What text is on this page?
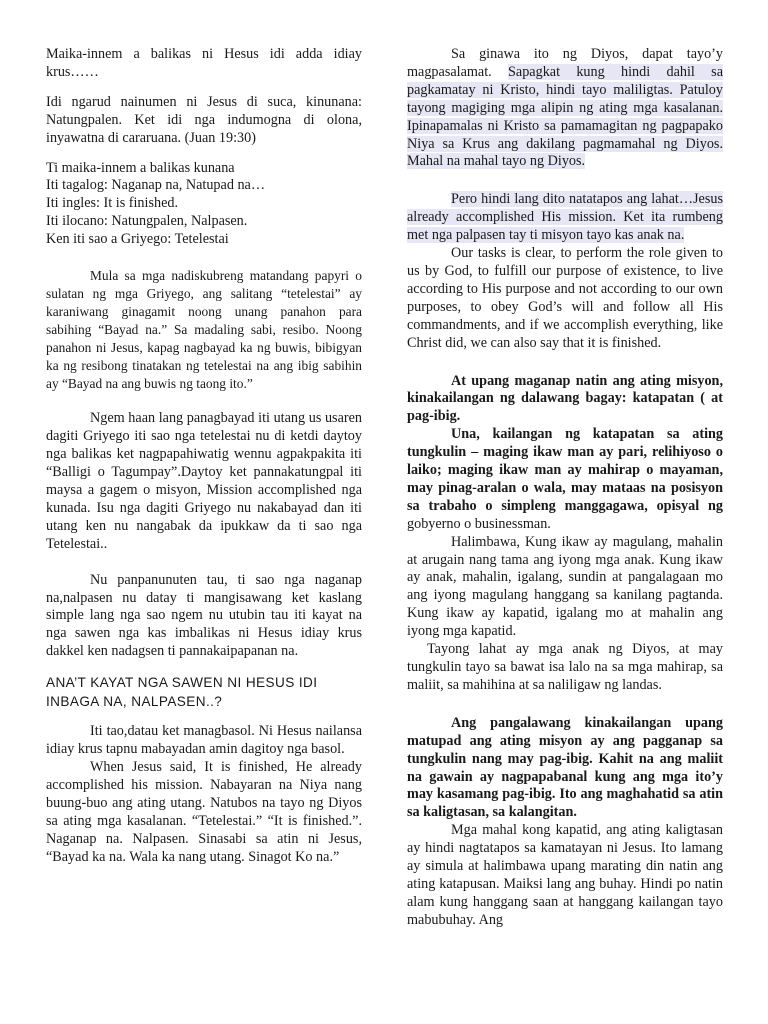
Maika-innem a balikas ni Hesus idi adda idiay krus……

Idi ngarud nainumen ni Jesus di suca, kinunana: Natungpalen. Ket idi nga indumogna di olona, inyawatna di cararuana. (Juan 19:30)

Ti maika-innem a balikas kunana

Iti tagalog: Naganap na, Natupad na…

Iti ingles: It is finished.

Iti ilocano: Natungpalen, Nalpasen.

Ken iti sao a Griyego: Tetelestai

Mula sa mga nadiskubreng matandang papyri o sulatan ng mga Griyego, ang salitang “tetelestai” ay karaniwang ginagamit noong unang panahon para sabihing “Bayad na.” Sa madaling sabi, resibo. Noong panahon ni Jesus, kapag nagbayad ka ng buwis, bibigyan ka ng resibong tinatakan ng tetelestai na ang ibig sabihin ay “Bayad na ang buwis ng taong ito.”

Ngem haan lang panagbayad iti utang us usaren dagiti Griyego iti sao nga tetelestai nu di ketdi daytoy nga balikas ket nagpapahiwatig wennu agpakpakita iti “Balligi o Tagumpay”.Daytoy ket pannakatungpal iti maysa a gagem o misyon, Mission accomplished nga kunada. Isu nga dagiti Griyego nu nakabayad dan iti utang ken nu nangabak da ipukkaw da ti sao nga Tetelestai..

Nu panpanunuten tau, ti sao nga naganap na,nalpasen nu datay ti mangisawang ket kaslang simple lang nga sao ngem nu utubin tau iti kayat na nga sawen nga kas imbalikas ni Hesus idiay krus dakkel ken nadagsen ti pannakaipapanan na.

ANA’T KAYAT NGA SAWEN NI HESUS IDI INBAGA NA, NALPASEN..?

Iti tao,datau ket managbasol. Ni Hesus nailansa idiay krus tapnu mabayadan amin dagitoy nga basol.

When Jesus said, It is finished, He already accomplished his mission. Nabayaran na Niya nang buung-buo ang ating utang. Natubos na tayo ng Diyos sa ating mga kasalanan. “Tetelestai.” “It is finished.”. Naganap na. Nalpasen. Sinasabi sa atin ni Jesus, “Bayad ka na. Wala ka nang utang. Sinagot Ko na.”

Sa ginawa ito ng Diyos, dapat tayo’y magpasalamat. Sapagkat kung hindi dahil sa pagkamatay ni Kristo, hindi tayo maliligtas. Patuloy tayong magiging mga alipin ng ating mga kasalanan. Ipinapamalas ni Kristo sa pamamagitan ng pagpapako Niya sa Krus ang dakilang pagmamahal ng Diyos. Mahal na mahal tayo ng Diyos.

Pero hindi lang dito natatapos ang lahat…Jesus already accomplished His mission. Ket ita rumbeng met nga palpasen tay ti misyon tayo kas anak na.

Our tasks is clear, to perform the role given to us by God, to fulfill our purpose of existence, to live according to His purpose and not according to our own purposes, to obey God’s will and follow all His commandments, and if we accomplish everything, like Christ did, we can also say that it is finished.

At upang maganap natin ang ating misyon, kinakailangan ng dalawang bagay: katapatan ( at pag-ibig.

Una, kailangan ng katapatan sa ating tungkulin – maging ikaw man ay pari, relihiyoso o laiko; maging ikaw man ay mahirap o mayaman, may pinag-aralan o wala, may mataas na posisyon sa trabaho o simpleng manggagawa, opisyal ng gobyerno o businessman.

Halimbawa, Kung ikaw ay magulang, mahalin at arugain nang tama ang iyong mga anak. Kung ikaw ay anak, mahalin, igalang, sundin at pangalagaan mo ang iyong magulang hanggang sa kanilang pagtanda. Kung ikaw ay kapatid, igalang mo at mahalin ang iyong mga kapatid.

Tayong lahat ay mga anak ng Diyos, at may tungkulin tayo sa bawat isa lalo na sa mga mahirap, sa maliit, sa mahihina at sa naliligaw ng landas.

Ang pangalawang kinakailangan upang matupad ang ating misyon ay ang pagganap sa tungkulin nang may pag-ibig. Kahit na ang maliit na gawain ay nagpapabanal kung ang mga ito’y may kasamang pag-ibig. Ito ang maghahatid sa atin sa kaligtasan, sa kalangitan.

Mga mahal kong kapatid, ang ating kaligtasan ay hindi nagtatapos sa kamatayan ni Jesus. Ito lamang ay simula at halimbawa upang marating din natin ang ating katapusan. Maiksi lang ang buhay. Hindi po natin alam kung hanggang saan at hanggang kailangan tayo mabubuhay. Ang
